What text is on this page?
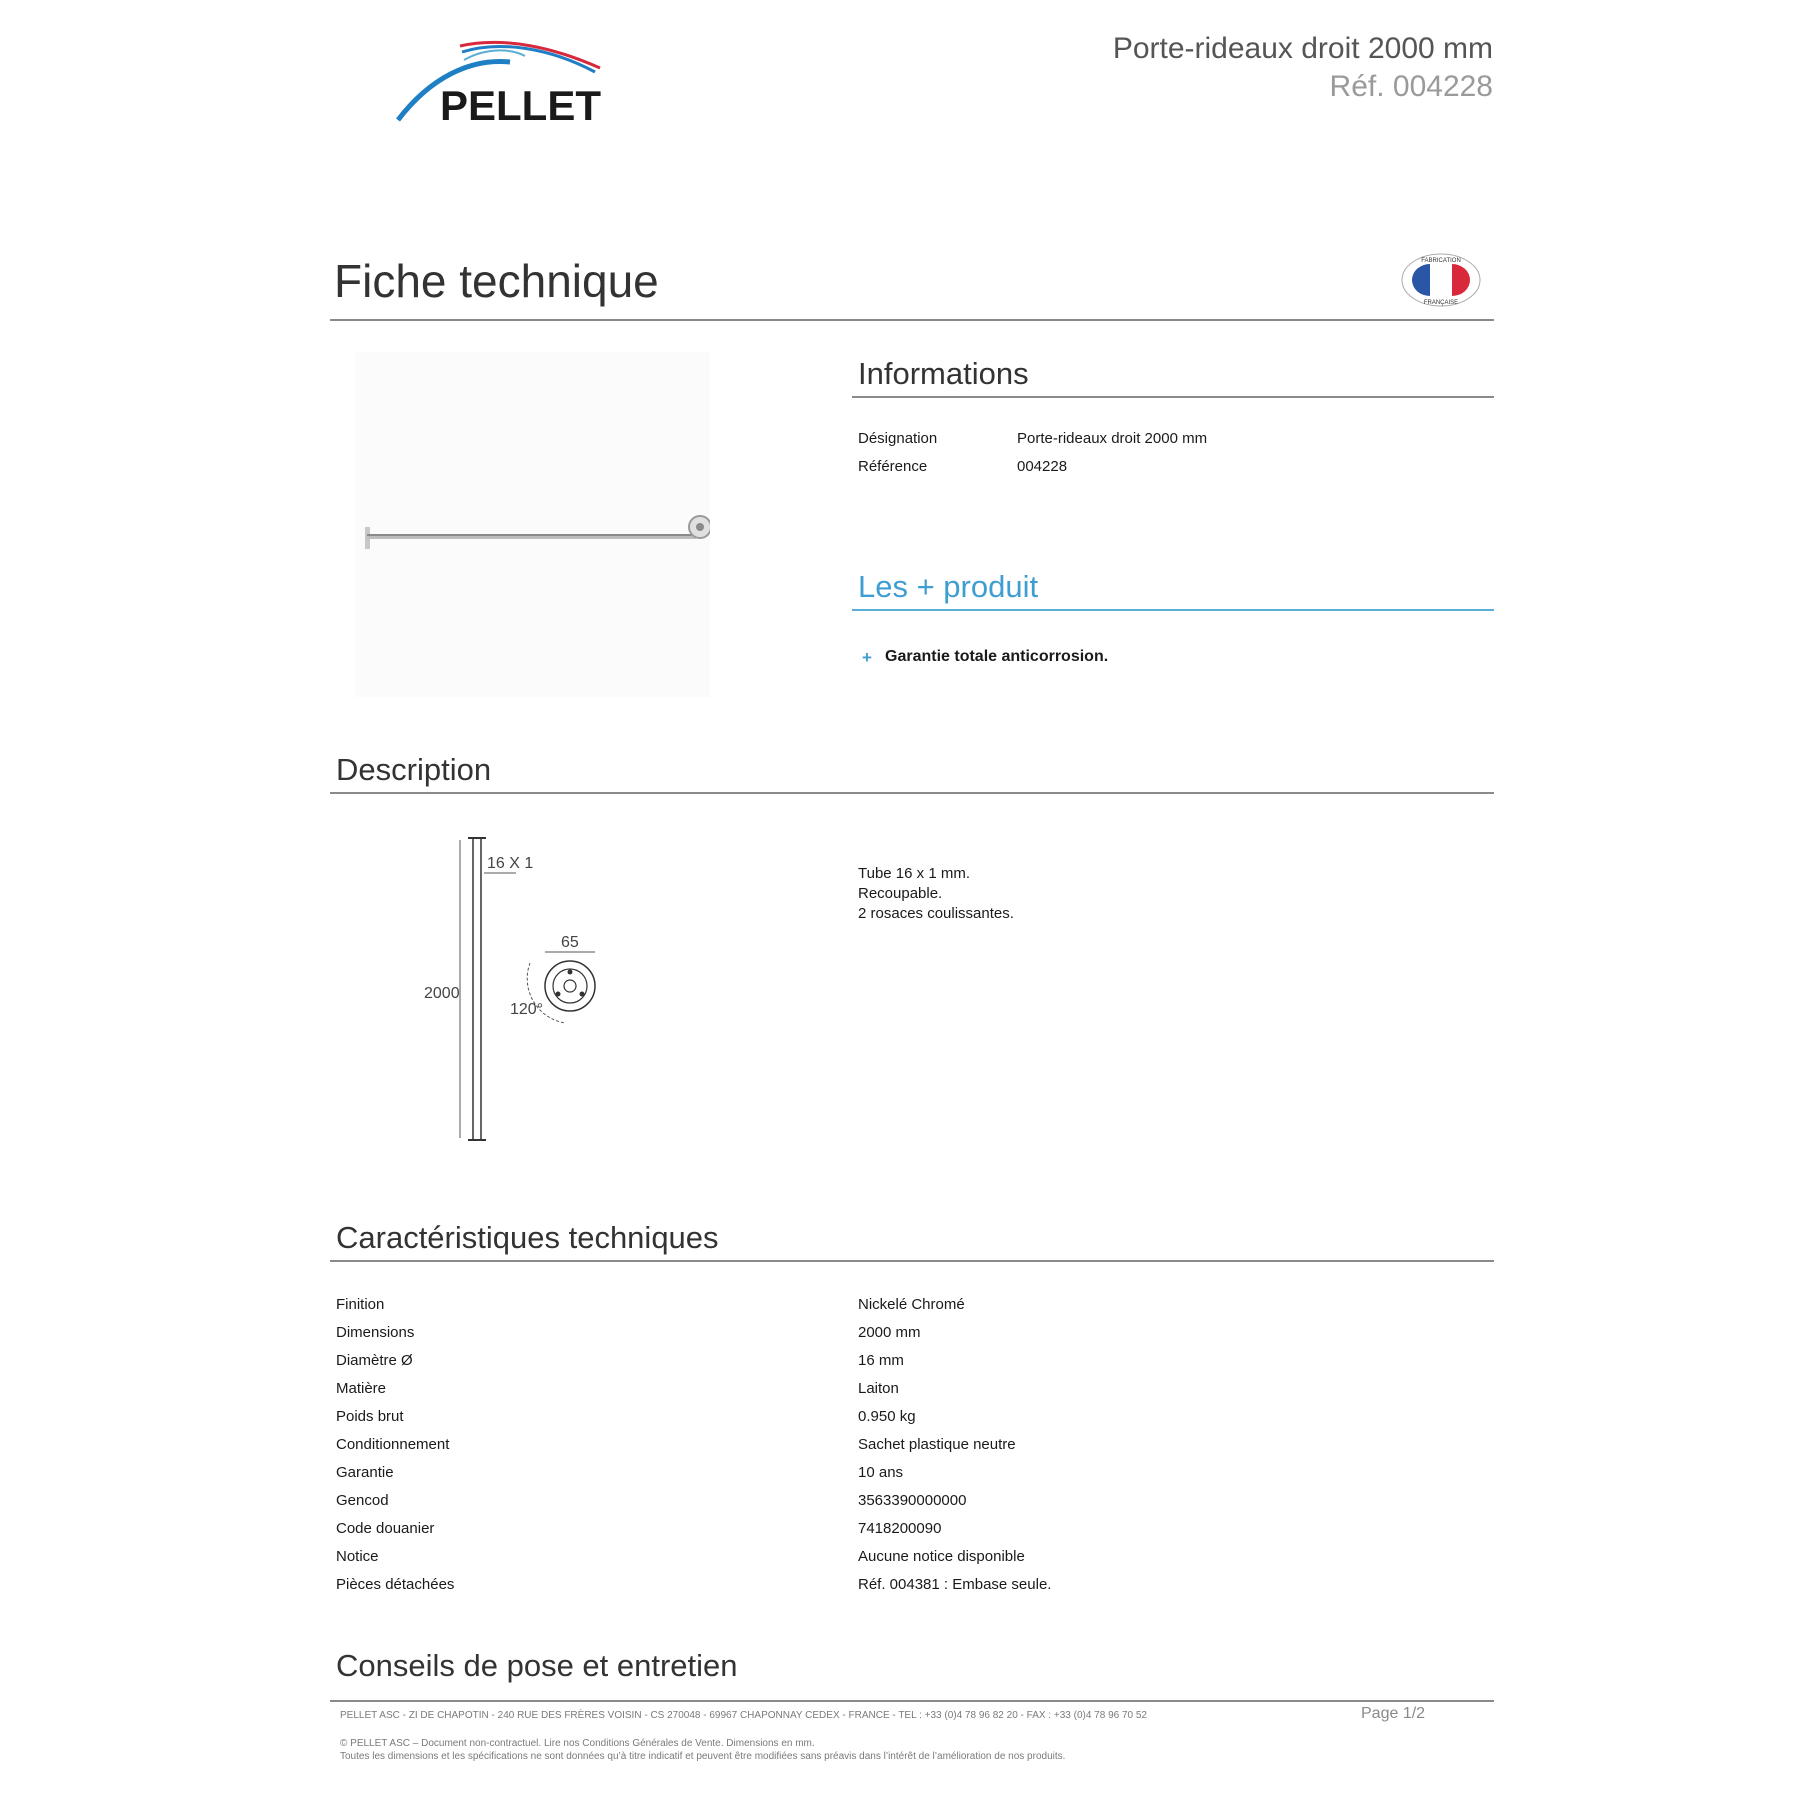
PELLET
Porte-rideaux droit 2000 mm
Réf. 004228
Fiche technique	FABRICATION
FRANÇAISE
Informations
Désignation	Porte-rideaux droit 2000 mm
Référence	004228
Les + produit
+ Garantie totale anticorrosion.
Description
2000
16 X 1
65
120°
Tube 16 x 1 mm.
Recoupable.
2 rosaces coulissantes.
Caractéristiques techniques
Finition	Nickelé Chromé
Dimensions	2000 mm
Diamètre Ø	16 mm
Matière	Laiton
Poids brut	0.950 kg
Conditionnement	Sachet plastique neutre
Garantie	10 ans
Gencod	3563390000000
Code douanier	7418200090
Notice	Aucune notice disponible
Pièces détachées	Réf. 004381 : Embase seule.
Conseils de pose et entretien
PELLET ASC - ZI DE CHAPOTIN - 240 RUE DES FRÈRES VOISIN - CS 270048 - 69967 CHAPONNAY CEDEX - FRANCE - TEL : +33 (0)4 78 96 82 20 - FAX : +33 (0)4 78 96 70 52	Page 1/2
© PELLET ASC – Document non-contractuel. Lire nos Conditions Générales de Vente. Dimensions en mm.
Toutes les dimensions et les spécifications ne sont données qu’à titre indicatif et peuvent être modifiées sans préavis dans l’intérêt de l’amélioration de nos produits.
